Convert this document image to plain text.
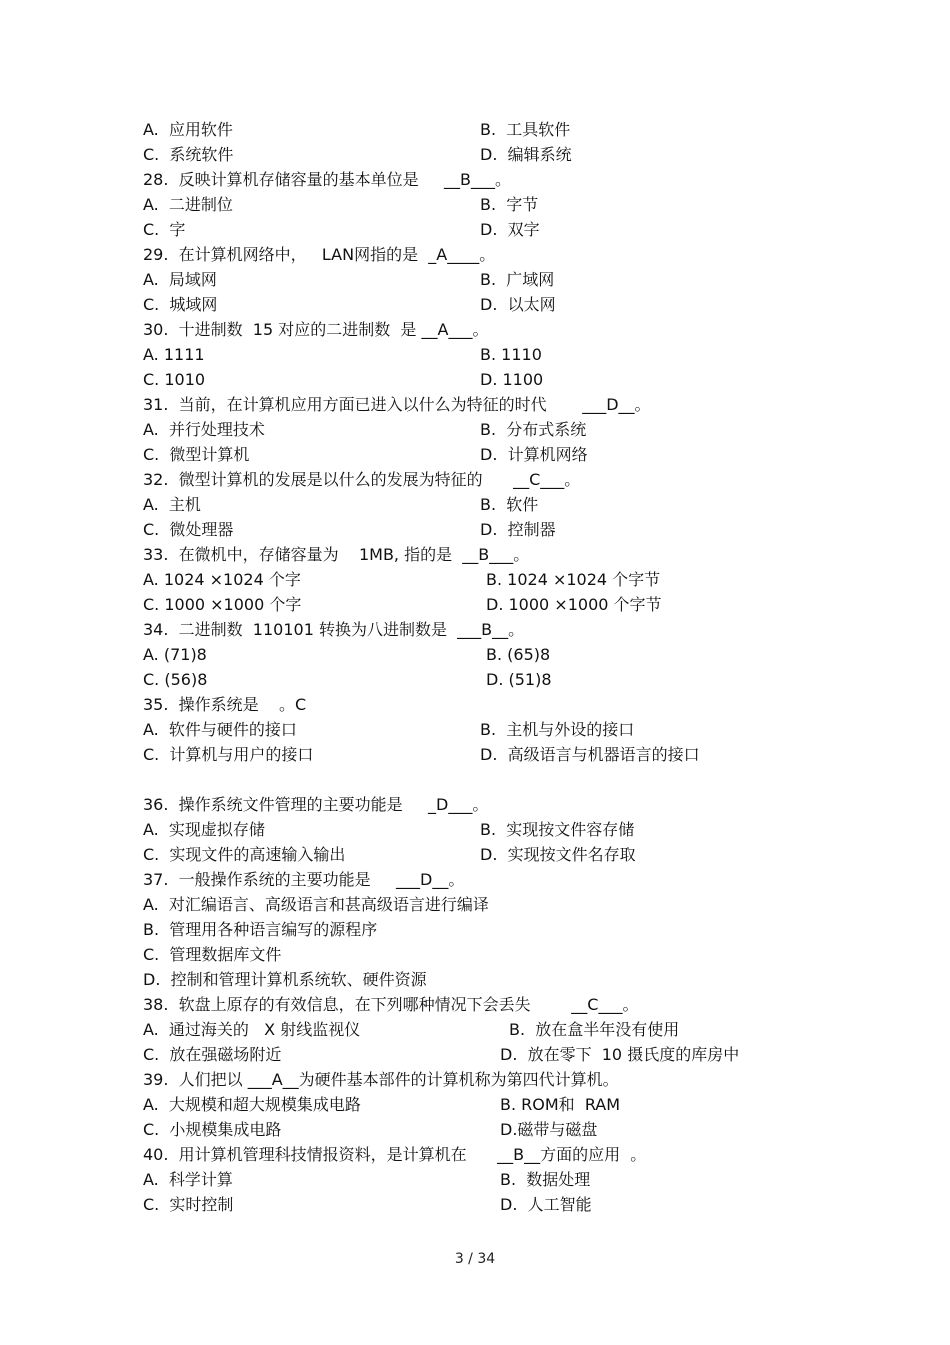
A.  应用软件	B.  工具软件
C.  系统软件	D.  编辑系统
28.  反映计算机存储容量的基本单位是     __B___。
A.  二进制位	B.  字节
C.  字	D.  双字
29.  在计算机网络中，   LAN网指的是  _A____。
A.  局域网	B.  广域网
C.  城域网	D.  以太网
30.  十进制数  15 对应的二进制数  是 __A___。
A. 1111	B. 1110
C. 1010	D. 1100
31.  当前，在计算机应用方面已进入以什么为特征的时代       ___D__。
A.  并行处理技术	B.  分布式系统
C.  微型计算机	D.  计算机网络
32.  微型计算机的发展是以什么的发展为特征的      __C___。
A.  主机	B.  软件
C.  微处理器	D.  控制器
33.  在微机中，存储容量为    1MB, 指的是  __B___。
A. 1024 ×1024 个字	B. 1024 ×1024 个字节
C. 1000 ×1000 个字	D. 1000 ×1000 个字节
34.  二进制数  110101 转换为八进制数是  ___B__。
A. (71)8	B. (65)8
C. (56)8	D. (51)8
35.  操作系统是    。C
A.  软件与硬件的接口	B.  主机与外设的接口
C.  计算机与用户的接口	D.  高级语言与机器语言的接口
36.  操作系统文件管理的主要功能是     _D___。
A.  实现虚拟存储	B.  实现按文件容存储
C.  实现文件的高速输入输出	D.  实现按文件名存取
37.  一般操作系统的主要功能是     ___D__。
A.  对汇编语言、高级语言和甚高级语言进行编译
B.  管理用各种语言编写的源程序
C.  管理数据库文件
D.  控制和管理计算机系统软、硬件资源
38.  软盘上原存的有效信息，在下列哪种情况下会丢失        __C___。
A.  通过海关的   X 射线监视仪	B.  放在盒半年没有使用
C.  放在强磁场附近	D.  放在零下  10 摄氏度的库房中
39.  人们把以 ___A__为硬件基本部件的计算机称为第四代计算机。
A.  大规模和超大规模集成电路	B. ROM和  RAM
C.  小规模集成电路	D.磁带与磁盘
40.  用计算机管理科技情报资料，是计算机在      __B__方面的应用  。
A.  科学计算	B.  数据处理
C.  实时控制	D.  人工智能
3 / 34
